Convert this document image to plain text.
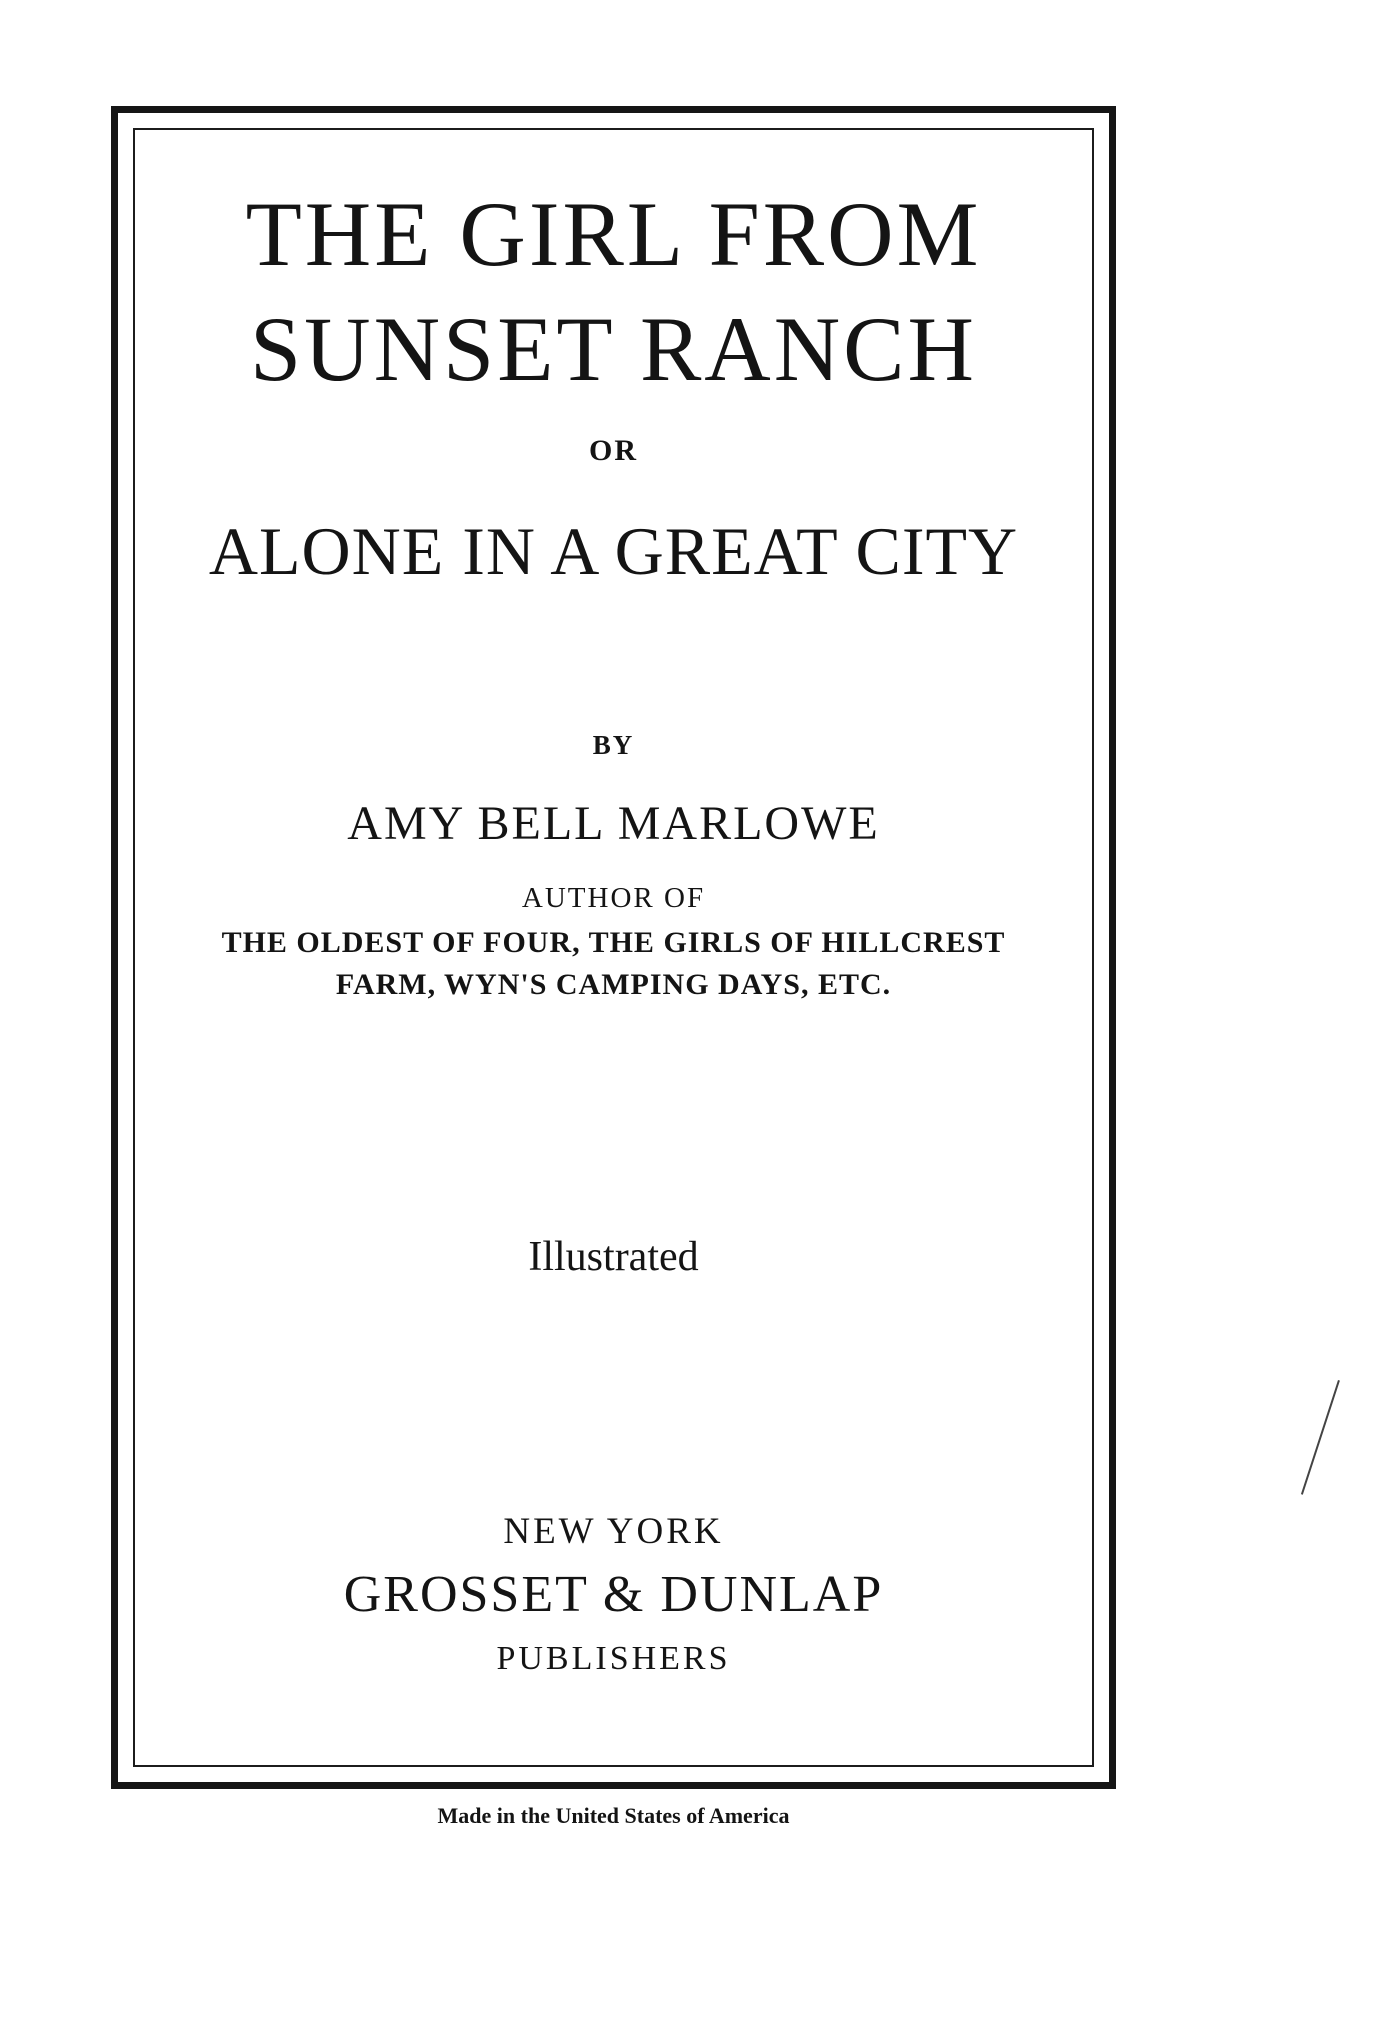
THE GIRL FROM
SUNSET RANCH
OR
ALONE IN A GREAT CITY
BY
AMY BELL MARLOWE
AUTHOR OF
THE OLDEST OF FOUR, THE GIRLS OF HILLCREST
FARM, WYN'S CAMPING DAYS, ETC.
Illustrated
NEW YORK
GROSSET & DUNLAP
PUBLISHERS
Made in the United States of America
